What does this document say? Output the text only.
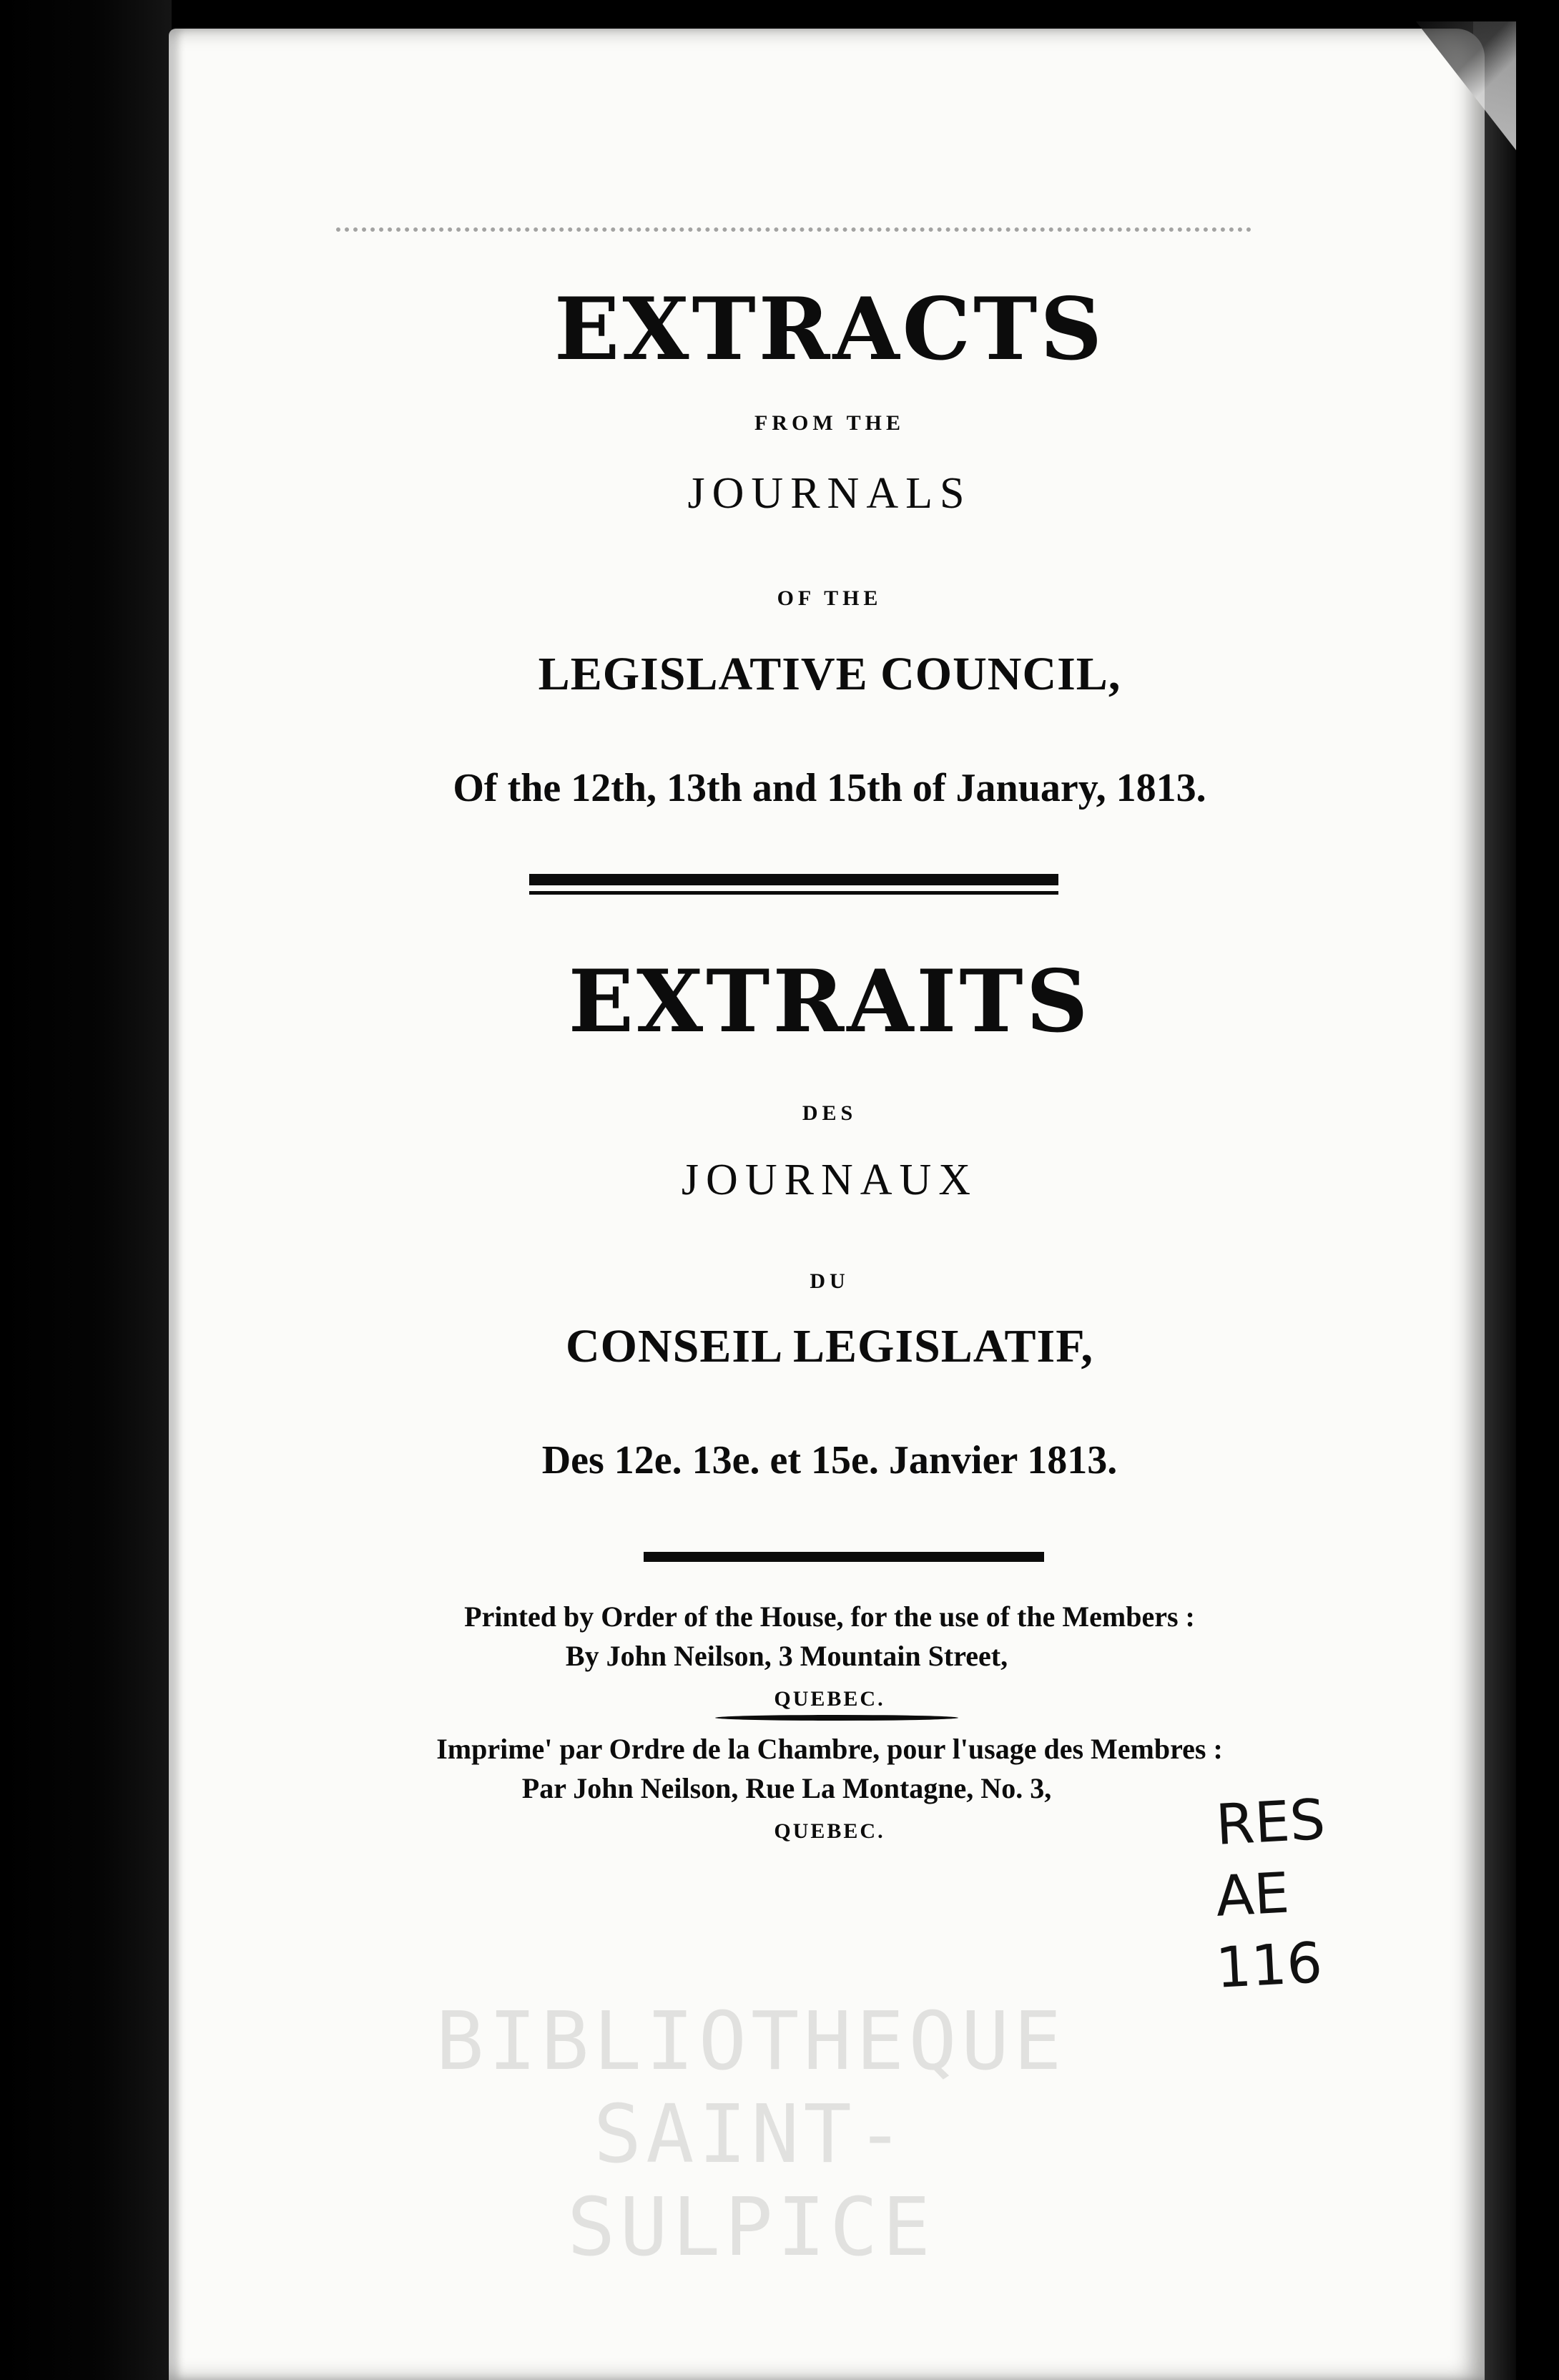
EXTRACTS
FROM THE
JOURNALS
OF THE
LEGISLATIVE COUNCIL,
Of the 12th, 13th and 15th of January, 1813.
EXTRAITS
DES
JOURNAUX
DU
CONSEIL LEGISLATIF,
Des 12e. 13e. et 15e. Janvier 1813.
Printed by Order of the House, for the use of the Members :
By John Neilson, 3 Mountain Street,
QUEBEC.
Imprime' par Ordre de la Chambre, pour l'usage des Membres :
Par John Neilson, Rue La Montagne, No. 3,
QUEBEC.	RES
AE
116
BIBLIOTHEQUE
SAINT-SULPICE
